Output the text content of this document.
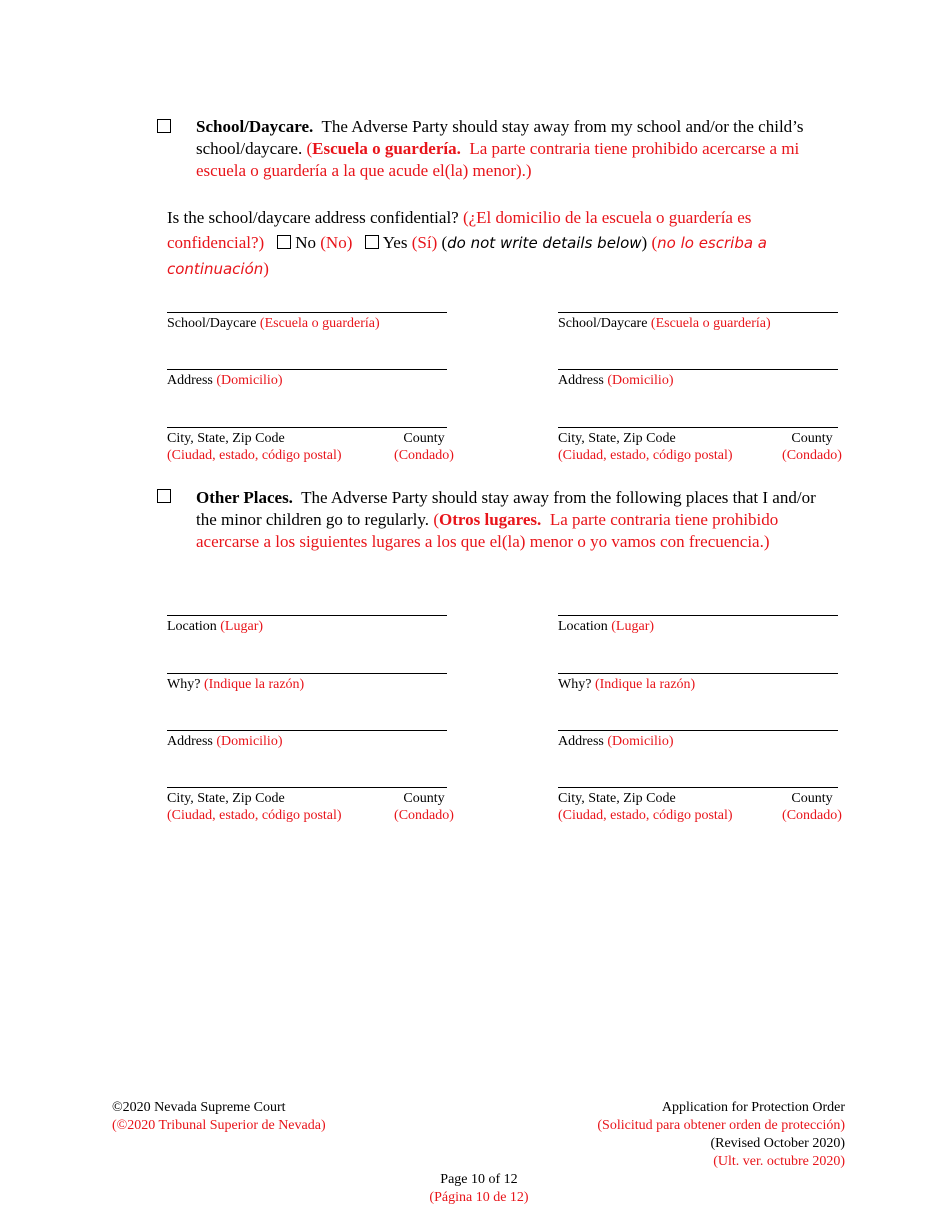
School/Daycare. The Adverse Party should stay away from my school and/or the child’s school/daycare. (Escuela o guardería. La parte contraria tiene prohibido acercarse a mi escuela o guardería a la que acude el(la) menor).)
Is the school/daycare address confidential? (¿El domicilio de la escuela o guardería es confidencial?) No (No) Yes (Sí) (do not write details below) (no lo escriba a continuación)
School/Daycare (Escuela o guardería)
Address (Domicilio)
City, State, Zip Code
(Ciudad, estado, código postal)
County
(Condado)
School/Daycare (Escuela o guardería)
Address (Domicilio)
City, State, Zip Code
(Ciudad, estado, código postal)
County
(Condado)
Other Places. The Adverse Party should stay away from the following places that I and/or the minor children go to regularly. (Otros lugares. La parte contraria tiene prohibido acercarse a los siguientes lugares a los que el(la) menor o yo vamos con frecuencia.)
Location (Lugar)
Why? (Indique la razón)
Address (Domicilio)
City, State, Zip Code
(Ciudad, estado, código postal)
County
(Condado)
Location (Lugar)
Why? (Indique la razón)
Address (Domicilio)
City, State, Zip Code
(Ciudad, estado, código postal)
County
(Condado)
©2020 Nevada Supreme Court
(©2020 Tribunal Superior de Nevada)
Application for Protection Order
(Solicitud para obtener orden de protección)
(Revised October 2020)
(Ult. ver. octubre 2020)
Page 10 of 12
(Página 10 de 12)
